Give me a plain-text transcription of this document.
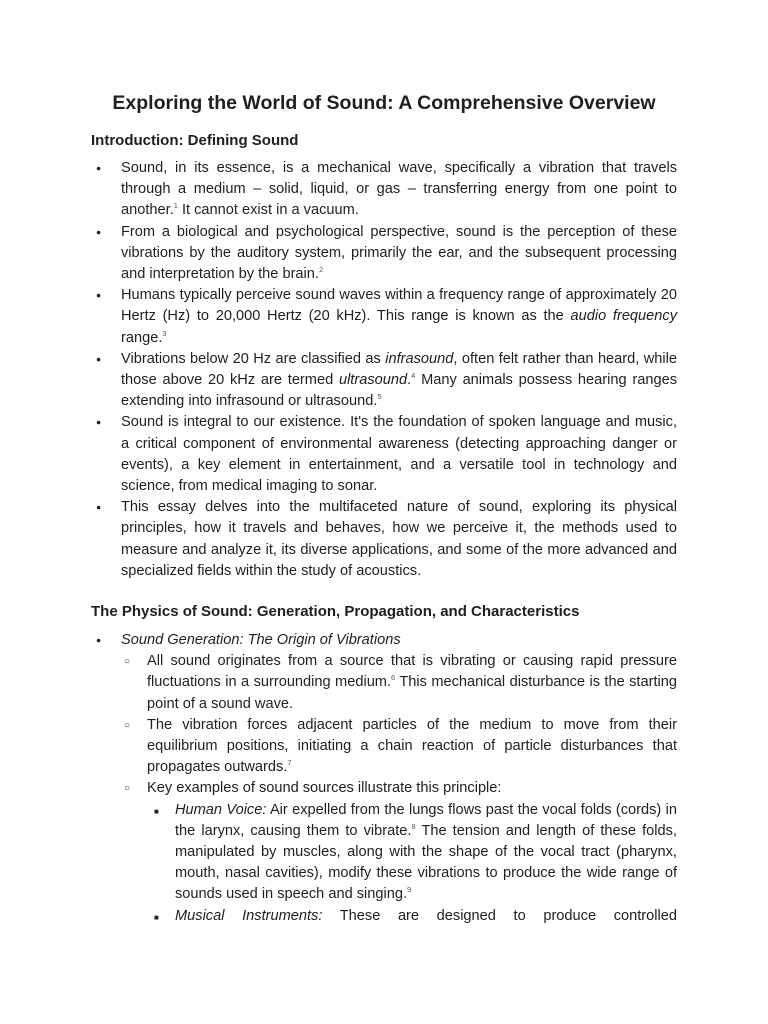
Exploring the World of Sound: A Comprehensive Overview
Introduction: Defining Sound
● Sound, in its essence, is a mechanical wave, specifically a vibration that travels through a medium – solid, liquid, or gas – transferring energy from one point to another.$^1$ It cannot exist in a vacuum.
● From a biological and psychological perspective, sound is the perception of these vibrations by the auditory system, primarily the ear, and the subsequent processing and interpretation by the brain.$^2$
● Humans typically perceive sound waves within a frequency range of approximately 20 Hertz (Hz) to 20,000 Hertz (20 kHz). This range is known as the audio frequency range.$^3$
● Vibrations below 20 Hz are classified as infrasound, often felt rather than heard, while those above 20 kHz are termed ultrasound.$^4$ Many animals possess hearing ranges extending into infrasound or ultrasound.$^5$
● Sound is integral to our existence. It's the foundation of spoken language and music, a critical component of environmental awareness (detecting approaching danger or events), a key element in entertainment, and a versatile tool in technology and science, from medical imaging to sonar.
● This essay delves into the multifaceted nature of sound, exploring its physical principles, how it travels and behaves, how we perceive it, the methods used to measure and analyze it, its diverse applications, and some of the more advanced and specialized fields within the study of acoustics.
The Physics of Sound: Generation, Propagation, and Characteristics
● Sound Generation: The Origin of Vibrations
○ All sound originates from a source that is vibrating or causing rapid pressure fluctuations in a surrounding medium.$^6$ This mechanical disturbance is the starting point of a sound wave.
○ The vibration forces adjacent particles of the medium to move from their equilibrium positions, initiating a chain reaction of particle disturbances that propagates outwards.$^7$
○ Key examples of sound sources illustrate this principle:
■ Human Voice: Air expelled from the lungs flows past the vocal folds (cords) in the larynx, causing them to vibrate.$^8$ The tension and length of these folds, manipulated by muscles, along with the shape of the vocal tract (pharynx, mouth, nasal cavities), modify these vibrations to produce the wide range of sounds used in speech and singing.$^9$
■ Musical Instruments: These are designed to produce controlled
